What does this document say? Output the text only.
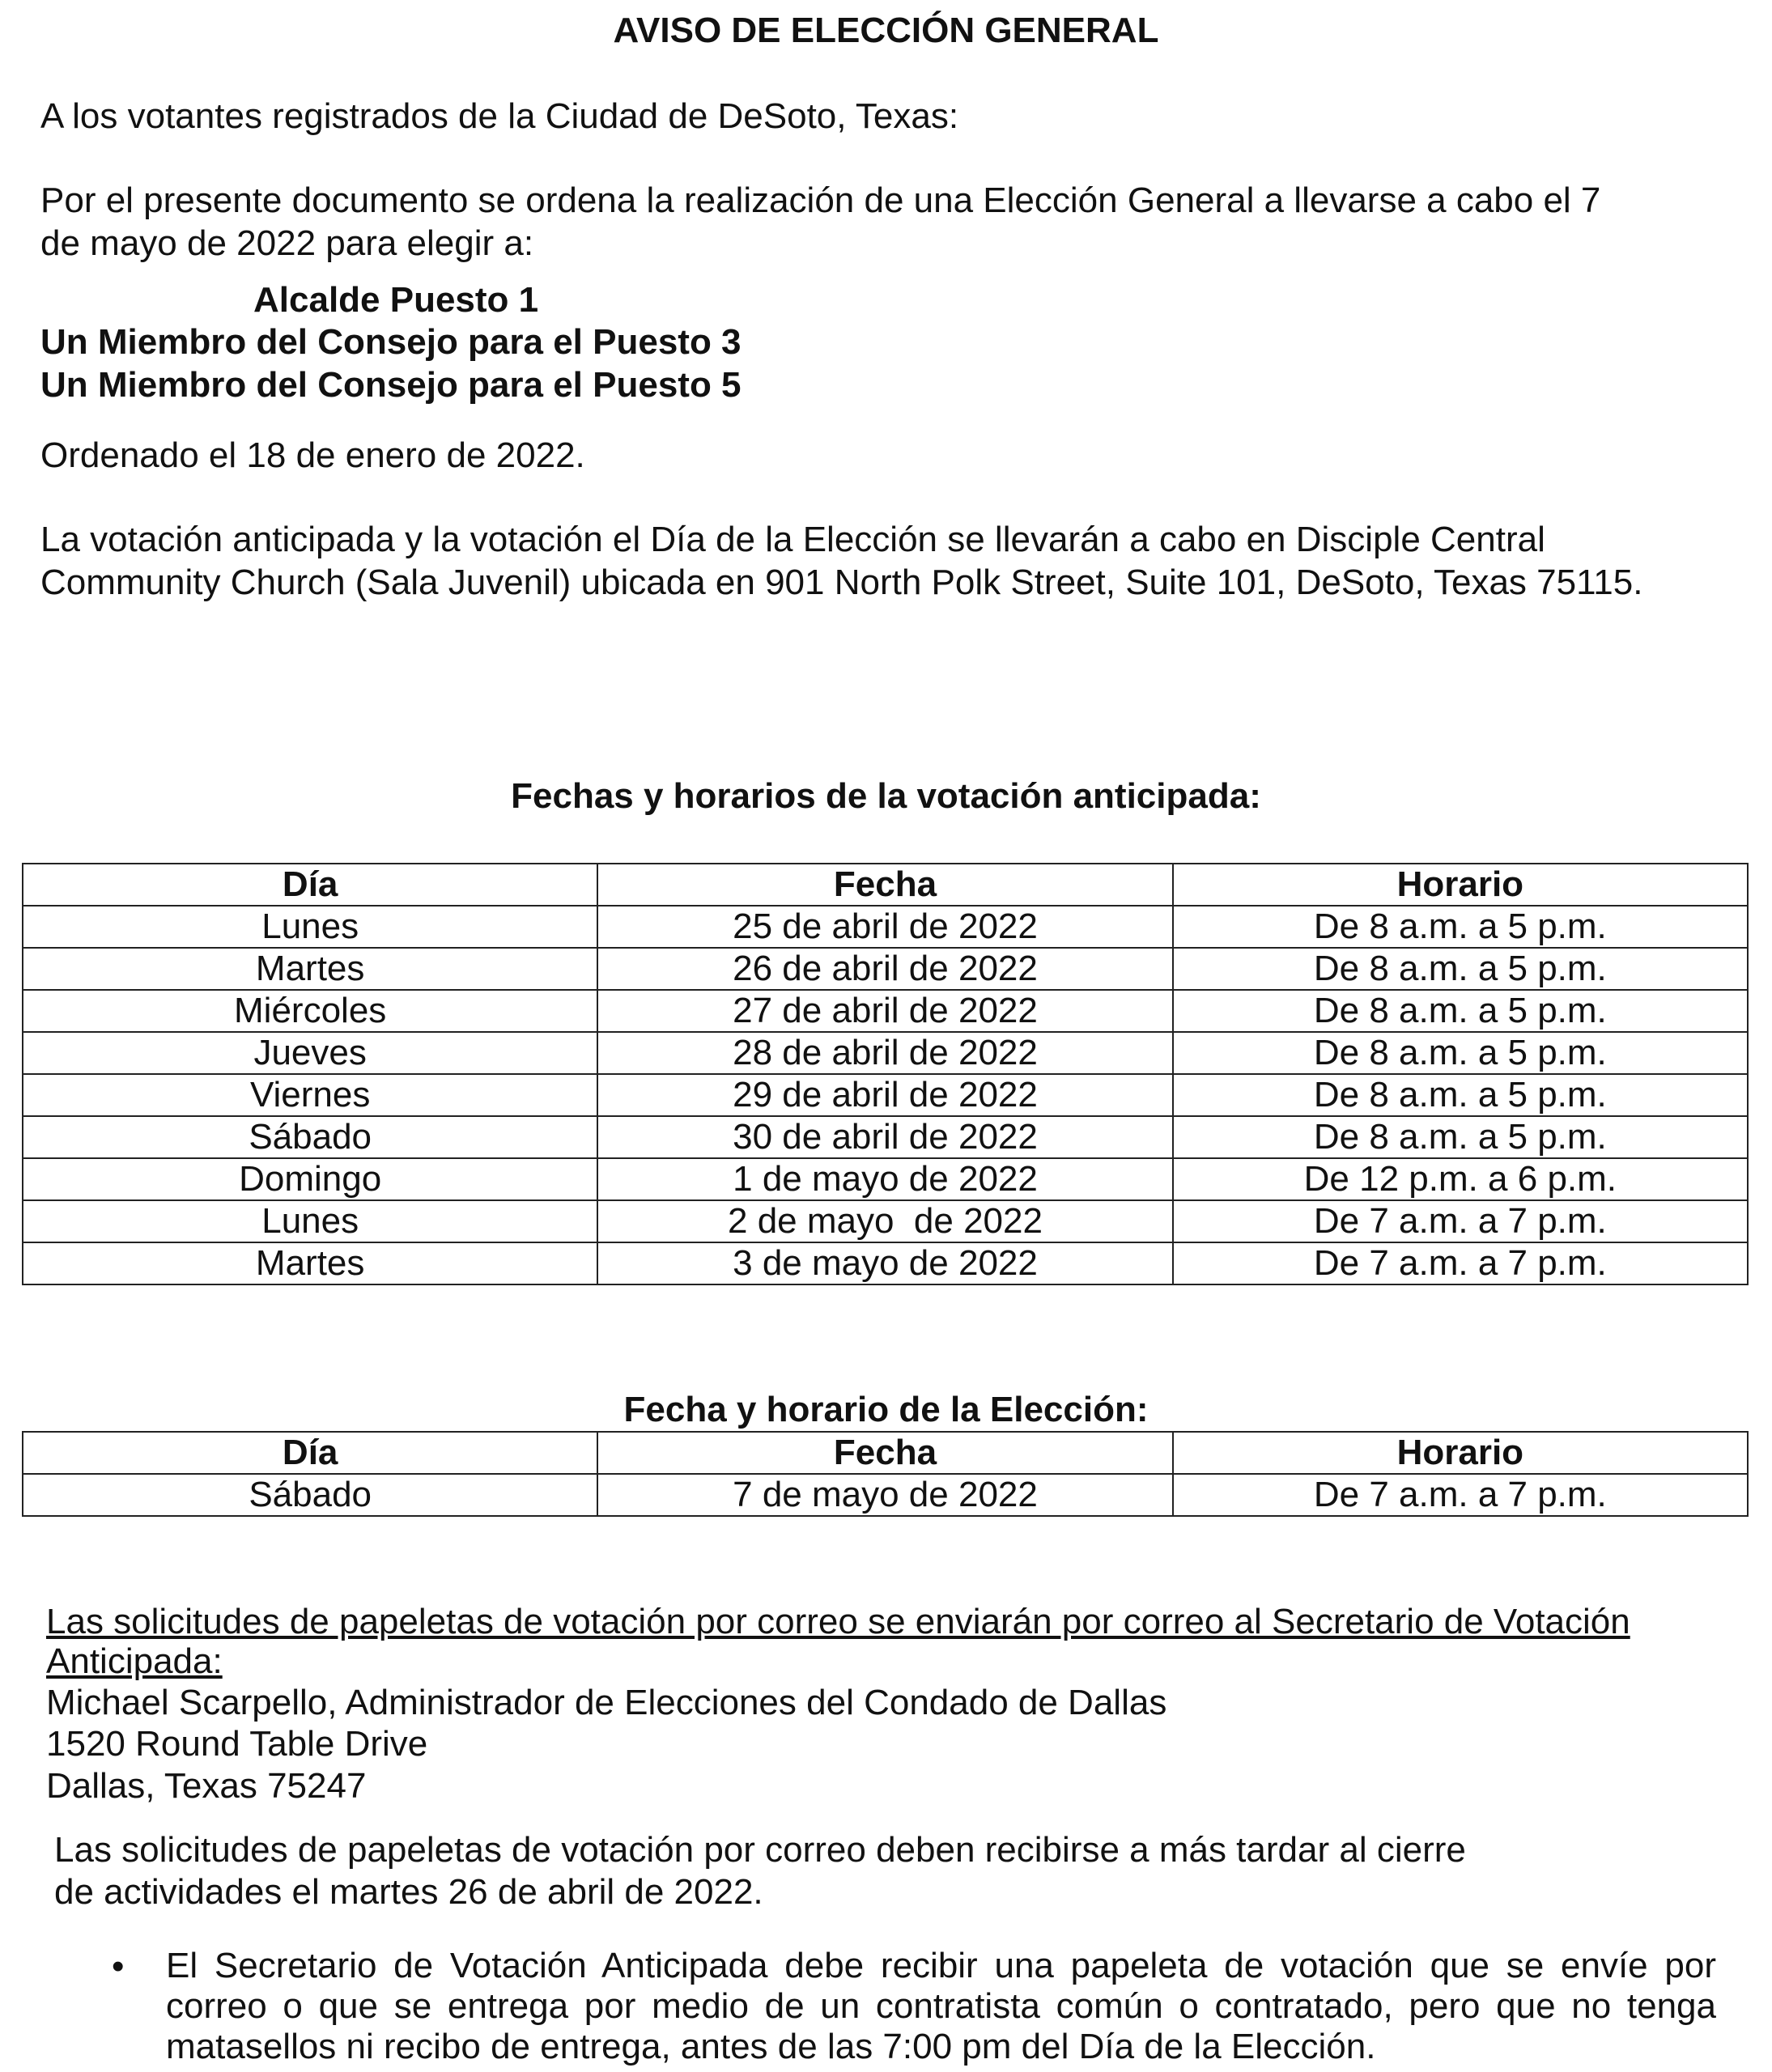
AVISO DE ELECCIÓN GENERAL
A los votantes registrados de la Ciudad de DeSoto, Texas:
Por el presente documento se ordena la realización de una Elección General a llevarse a cabo el 7
de mayo de 2022 para elegir a:
Alcalde Puesto 1
Un Miembro del Consejo para el Puesto 3
Un Miembro del Consejo para el Puesto 5
Ordenado el 18 de enero de 2022.
La votación anticipada y la votación el Día de la Elección se llevarán a cabo en Disciple Central
Community Church (Sala Juvenil) ubicada en 901 North Polk Street, Suite 101, DeSoto, Texas 75115.
Fechas y horarios de la votación anticipada:
Día	Fecha	Horario
Lunes	25 de abril de 2022	De 8 a.m. a 5 p.m.
Martes	26 de abril de 2022	De 8 a.m. a 5 p.m.
Miércoles	27 de abril de 2022	De 8 a.m. a 5 p.m.
Jueves	28 de abril de 2022	De 8 a.m. a 5 p.m.
Viernes	29 de abril de 2022	De 8 a.m. a 5 p.m.
Sábado	30 de abril de 2022	De 8 a.m. a 5 p.m.
Domingo	1 de mayo de 2022	De 12 p.m. a 6 p.m.
Lunes	2 de mayo  de 2022	De 7 a.m. a 7 p.m.
Martes	3 de mayo de 2022	De 7 a.m. a 7 p.m.
Fecha y horario de la Elección:
Día	Fecha	Horario
Sábado	7 de mayo de 2022	De 7 a.m. a 7 p.m.
Las solicitudes de papeletas de votación por correo se enviarán por correo al Secretario de Votación
Anticipada:
Michael Scarpello, Administrador de Elecciones del Condado de Dallas
1520 Round Table Drive
Dallas, Texas 75247
Las solicitudes de papeletas de votación por correo deben recibirse a más tardar al cierre
de actividades el martes 26 de abril de 2022.
• El Secretario de Votación Anticipada debe recibir una papeleta de votación que se envíe por correo o que se entrega por medio de un contratista común o contratado, pero que no tenga matasellos ni recibo de entrega, antes de las 7:00 pm del Día de la Elección.
